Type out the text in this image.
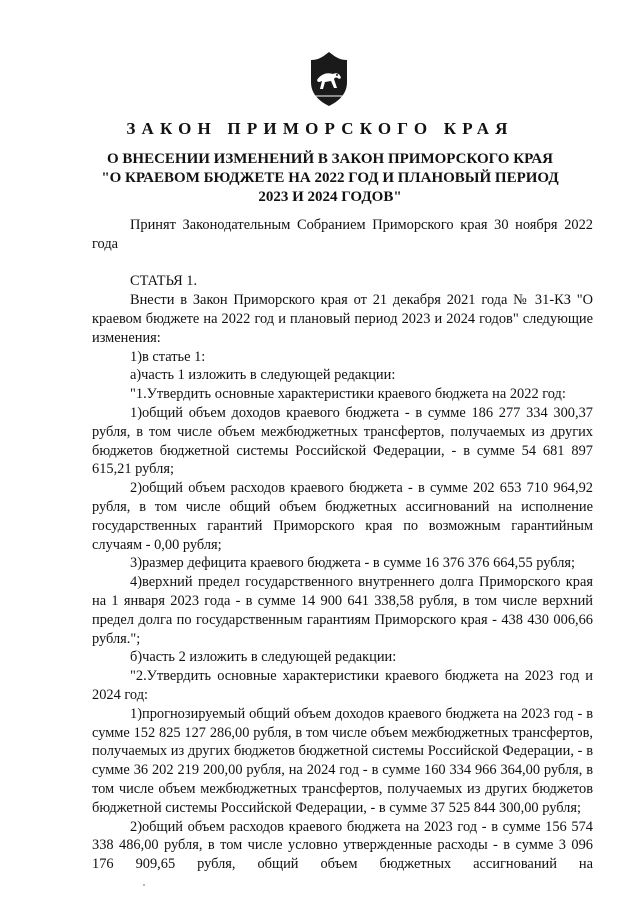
ЗАКОН ПРИМОРСКОГО КРАЯ
О ВНЕСЕНИИ ИЗМЕНЕНИЙ В ЗАКОН ПРИМОРСКОГО КРАЯ
"О КРАЕВОМ БЮДЖЕТЕ НА 2022 ГОД И ПЛАНОВЫЙ ПЕРИОД
2023 И 2024 ГОДОВ"

Принят Законодательным Собранием Приморского края 30 ноября 2022 года

СТАТЬЯ 1.

Внести в Закон Приморского края от 21 декабря 2021 года № 31-КЗ "О краевом бюджете на 2022 год и плановый период 2023 и 2024 годов" следующие изменения:

1)в статье 1:

а)часть 1 изложить в следующей редакции:

"1.Утвердить основные характеристики краевого бюджета на 2022 год:

1)общий объем доходов краевого бюджета - в сумме 186 277 334 300,37 рубля, в том числе объем межбюджетных трансфертов, получаемых из других бюджетов бюджетной системы Российской Федерации, - в сумме 54 681 897 615,21 рубля;

2)общий объем расходов краевого бюджета - в сумме 202 653 710 964,92 рубля, в том числе общий объем бюджетных ассигнований на исполнение государственных гарантий Приморского края по возможным гарантийным случаям - 0,00 рубля;

3)размер дефицита краевого бюджета - в сумме 16 376 376 664,55 рубля;

4)верхний предел государственного внутреннего долга Приморского края на 1 января 2023 года - в сумме 14 900 641 338,58 рубля, в том числе верхний предел долга по государственным гарантиям Приморского края - 438 430 006,66 рубля.";

б)часть 2 изложить в следующей редакции:

"2.Утвердить основные характеристики краевого бюджета на 2023 год и 2024 год:

1)прогнозируемый общий объем доходов краевого бюджета на 2023 год - в сумме 152 825 127 286,00 рубля, в том числе объем межбюджетных трансфертов, получаемых из других бюджетов бюджетной системы Российской Федерации, - в сумме 36 202 219 200,00 рубля, на 2024 год - в сумме 160 334 966 364,00 рубля, в том числе объем межбюджетных трансфертов, получаемых из других бюджетов бюджетной системы Российской Федерации, - в сумме 37 525 844 300,00 рубля;

2)общий объем расходов краевого бюджета на 2023 год - в сумме 156 574 338 486,00 рубля, в том числе условно утвержденные расходы - в сумме 3 096 176 909,65 рубля, общий объем бюджетных ассигнований на
